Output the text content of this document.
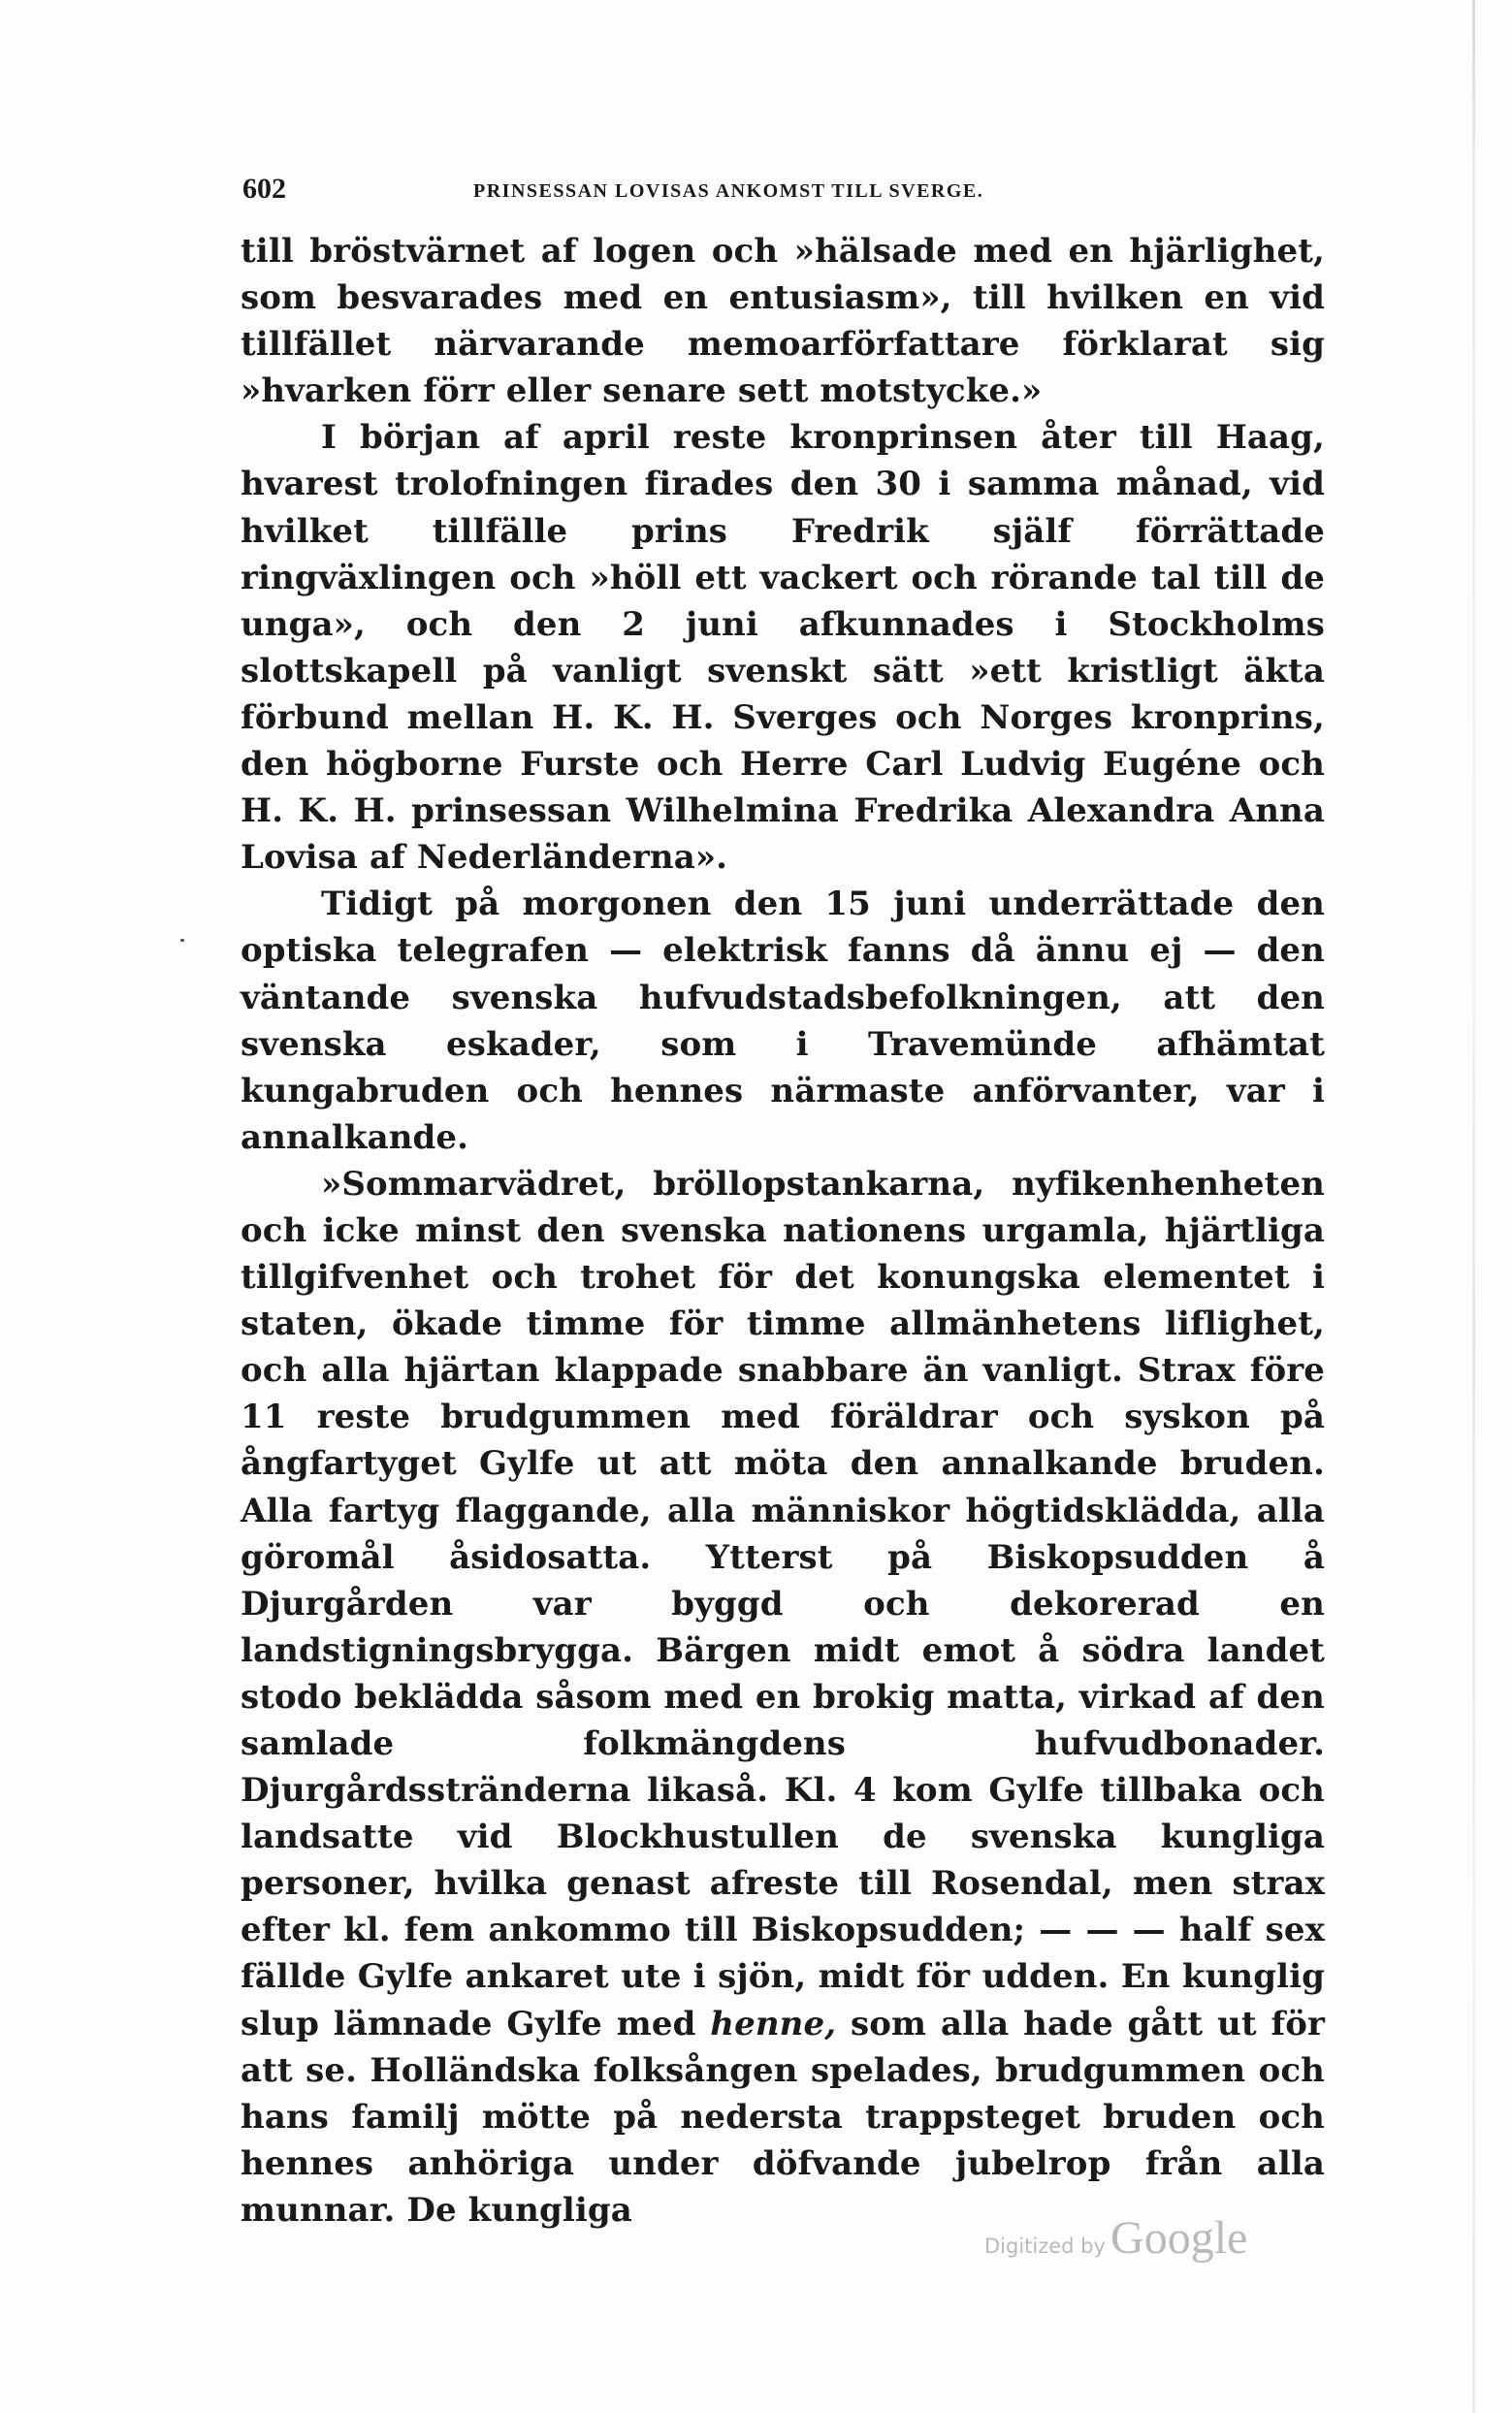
602	PRINSESSAN LOVISAS ANKOMST TILL SVERGE.

till bröstvärnet af logen och »hälsade med en hjärlighet, som besvarades med en entusiasm», till hvilken en vid tillfället närvarande memoarförfattare förklarat sig »hvarken förr eller senare sett motstycke.»

I början af april reste kronprinsen åter till Haag, hvarest trolofningen firades den 30 i samma månad, vid hvilket tillfälle prins Fredrik själf förrättade ringväxlingen och »höll ett vackert och rörande tal till de unga», och den 2 juni afkunnades i Stockholms slottskapell på vanligt svenskt sätt »ett kristligt äkta förbund mellan H. K. H. Sverges och Norges kronprins, den högborne Furste och Herre Carl Ludvig Eugéne och H. K. H. prinsessan Wilhelmina Fredrika Alexandra Anna Lovisa af Nederländerna».

Tidigt på morgonen den 15 juni underrättade den optiska telegrafen — elektrisk fanns då ännu ej — den väntande svenska hufvudstadsbefolkningen, att den svenska eskader, som i Travemünde afhämtat kungabruden och hennes närmaste anförvanter, var i annalkande.

»Sommarvädret, bröllopstankarna, nyfikenhenheten och icke minst den svenska nationens urgamla, hjärtliga tillgifvenhet och trohet för det konungska elementet i staten, ökade timme för timme allmänhetens liflighet, och alla hjärtan klappade snabbare än vanligt. Strax före 11 reste brudgummen med föräldrar och syskon på ångfartyget Gylfe ut att möta den annalkande bruden. Alla fartyg flaggande, alla människor högtidsklädda, alla göromål åsidosatta. Ytterst på Biskopsudden å Djurgården var byggd och dekorerad en landstigningsbrygga. Bärgen midt emot å södra landet stodo beklädda såsom med en brokig matta, virkad af den samlade folkmängdens hufvudbonader. Djurgårdsstränderna likaså. Kl. 4 kom Gylfe tillbaka och landsatte vid Blockhustullen de svenska kungliga personer, hvilka genast afreste till Rosendal, men strax efter kl. fem ankommo till Biskopsudden; — — — half sex fällde Gylfe ankaret ute i sjön, midt för udden. En kunglig slup lämnade Gylfe med henne, som alla hade gått ut för att se. Holländska folksången spelades, brudgummen och hans familj mötte på nedersta trappsteget bruden och hennes anhöriga under döfvande jubelrop från alla munnar. De kungliga

Digitized by Google
